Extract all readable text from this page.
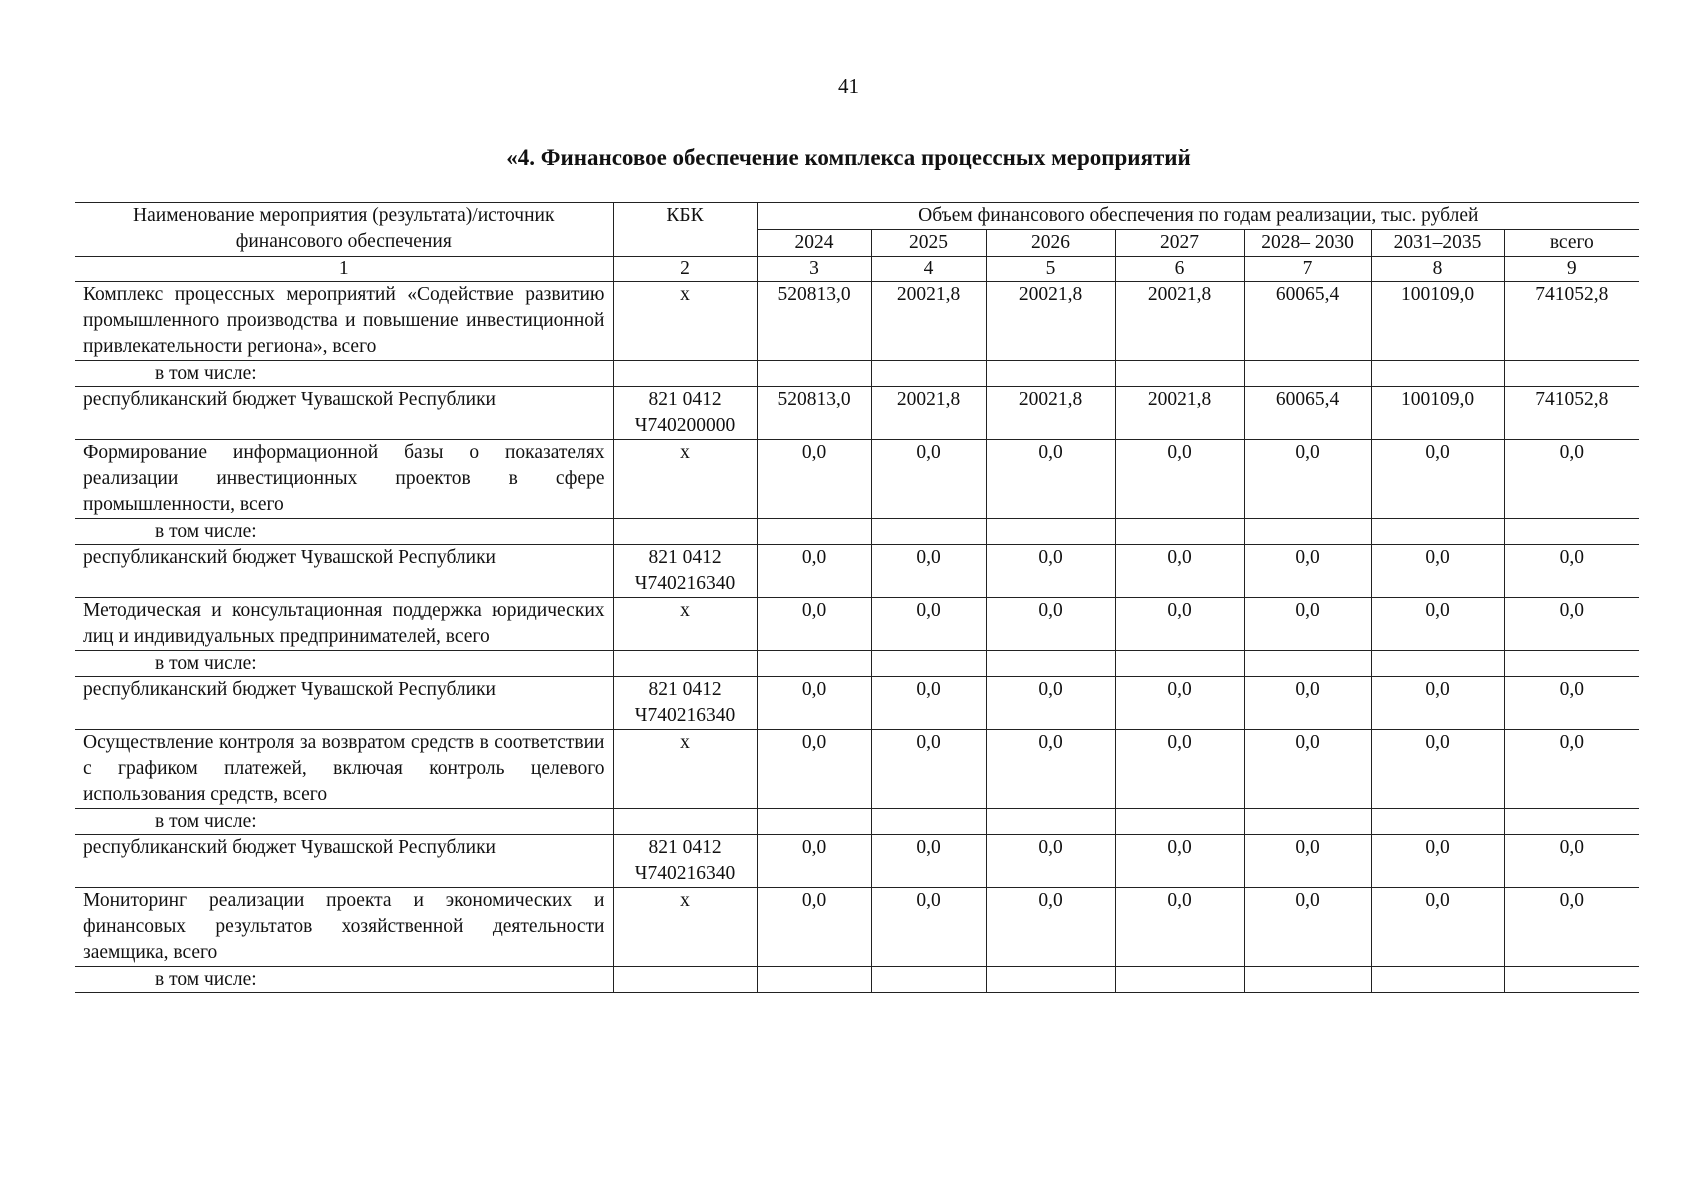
41
«4. Финансовое обеспечение комплекса процессных мероприятий
Наименование мероприятия (результата)/источник финансового обеспечения	КБК	Объем финансового обеспечения по годам реализации, тыс. рублей						
		2024	2025	2026	2027	2028– 2030	2031–2035	всего
1	2	3	4	5	6	7	8	9
Комплекс процессных мероприятий «Содействие развитию промышленного производства и повышение инвестиционной привлекательности региона», всего	х	520813,0	20021,8	20021,8	20021,8	60065,4	100109,0	741052,8
в том числе:								
республиканский бюджет Чувашской Республики	821 0412 Ч740200000	520813,0	20021,8	20021,8	20021,8	60065,4	100109,0	741052,8
Формирование информационной базы о показателях реализации инвестиционных проектов в сфере промышленности, всего	х	0,0	0,0	0,0	0,0	0,0	0,0	0,0
в том числе:								
республиканский бюджет Чувашской Республики	821 0412 Ч740216340	0,0	0,0	0,0	0,0	0,0	0,0	0,0
Методическая и консультационная поддержка юридических лиц и индивидуальных предпринимателей, всего	х	0,0	0,0	0,0	0,0	0,0	0,0	0,0
в том числе:								
республиканский бюджет Чувашской Республики	821 0412 Ч740216340	0,0	0,0	0,0	0,0	0,0	0,0	0,0
Осуществление контроля за возвратом средств в соответствии с графиком платежей, включая контроль целевого использования средств, всего	х	0,0	0,0	0,0	0,0	0,0	0,0	0,0
в том числе:								
республиканский бюджет Чувашской Республики	821 0412 Ч740216340	0,0	0,0	0,0	0,0	0,0	0,0	0,0
Мониторинг реализации проекта и экономических и финансовых результатов хозяйственной деятельности заемщика, всего	х	0,0	0,0	0,0	0,0	0,0	0,0	0,0
в том числе:								
